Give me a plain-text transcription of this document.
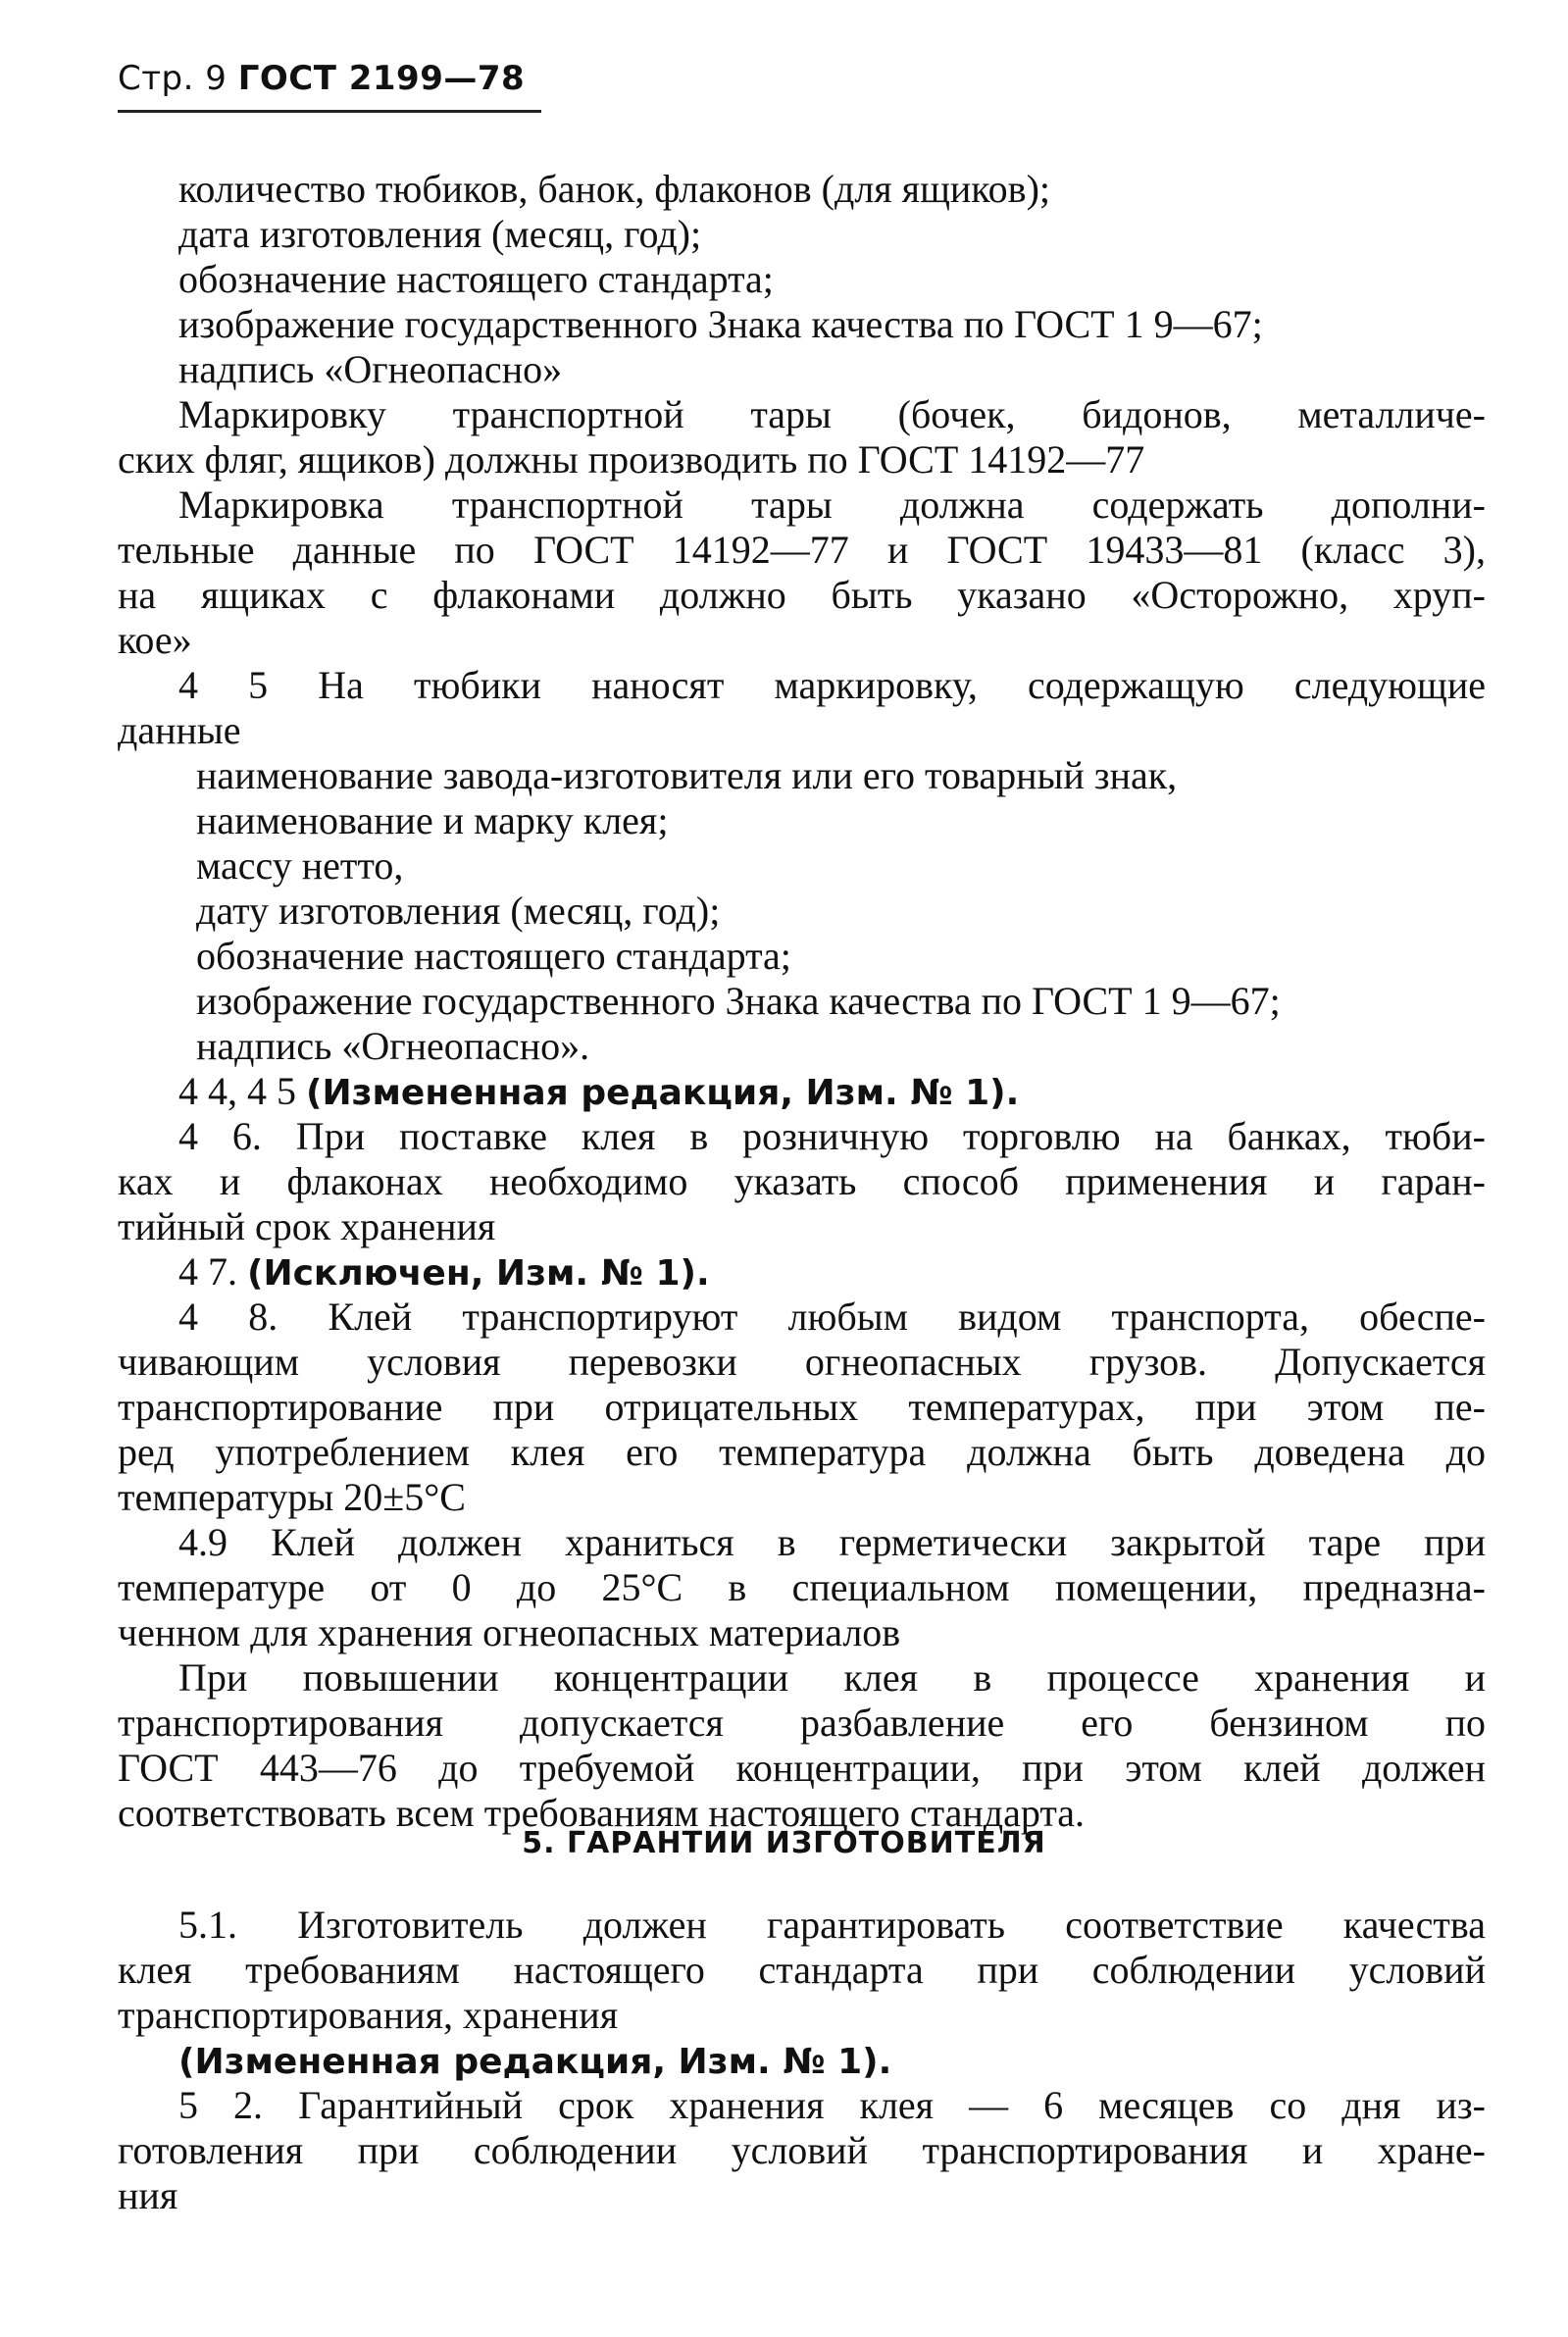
Стр. 9 ГОСТ 2199—78
количество тюбиков, банок, флаконов (для ящиков);
дата изготовления (месяц, год);
обозначение настоящего стандарта;
изображение государственного Знака качества по ГОСТ 1 9—67;
надпись «Огнеопасно»
Маркировку транспортной тары (бочек, бидонов, металличе-
ских фляг, ящиков) должны производить по ГОСТ 14192—77
Маркировка транспортной тары должна содержать дополни-
тельные данные по ГОСТ 14192—77 и ГОСТ 19433—81 (класс 3),
на ящиках с флаконами должно быть указано «Осторожно, хруп-
кое»
4 5 На тюбики наносят маркировку, содержащую следующие
данные
наименование завода-изготовителя или его товарный знак,
наименование и марку клея;
массу нетто,
дату изготовления (месяц, год);
обозначение настоящего стандарта;
изображение государственного Знака качества по ГОСТ 1 9—67;
надпись «Огнеопасно».
4 4, 4 5 (Измененная редакция, Изм. № 1).
4 6. При поставке клея в розничную торговлю на банках, тюби-
ках и флаконах необходимо указать способ применения и гаран-
тийный срок хранения
4 7. (Исключен, Изм. № 1).
4 8. Клей транспортируют любым видом транспорта, обеспе-
чивающим условия перевозки огнеопасных грузов. Допускается
транспортирование при отрицательных температурах, при этом пе-
ред употреблением клея его температура должна быть доведена до
температуры 20±5°С
4.9 Клей должен храниться в герметически закрытой таре при
температуре от 0 до 25°С в специальном помещении, предназна-
ченном для хранения огнеопасных материалов
При повышении концентрации клея в процессе хранения и
транспортирования допускается разбавление его бензином по
ГОСТ 443—76 до требуемой концентрации, при этом клей должен
соответствовать всем требованиям настоящего стандарта.
5. ГАРАНТИИ ИЗГОТОВИТЕЛЯ
5.1. Изготовитель должен гарантировать соответствие качества
клея требованиям настоящего стандарта при соблюдении условий
транспортирования, хранения
(Измененная редакция, Изм. № 1).
5 2. Гарантийный срок хранения клея — 6 месяцев со дня из-
готовления при соблюдении условий транспортирования и хране-
ния
